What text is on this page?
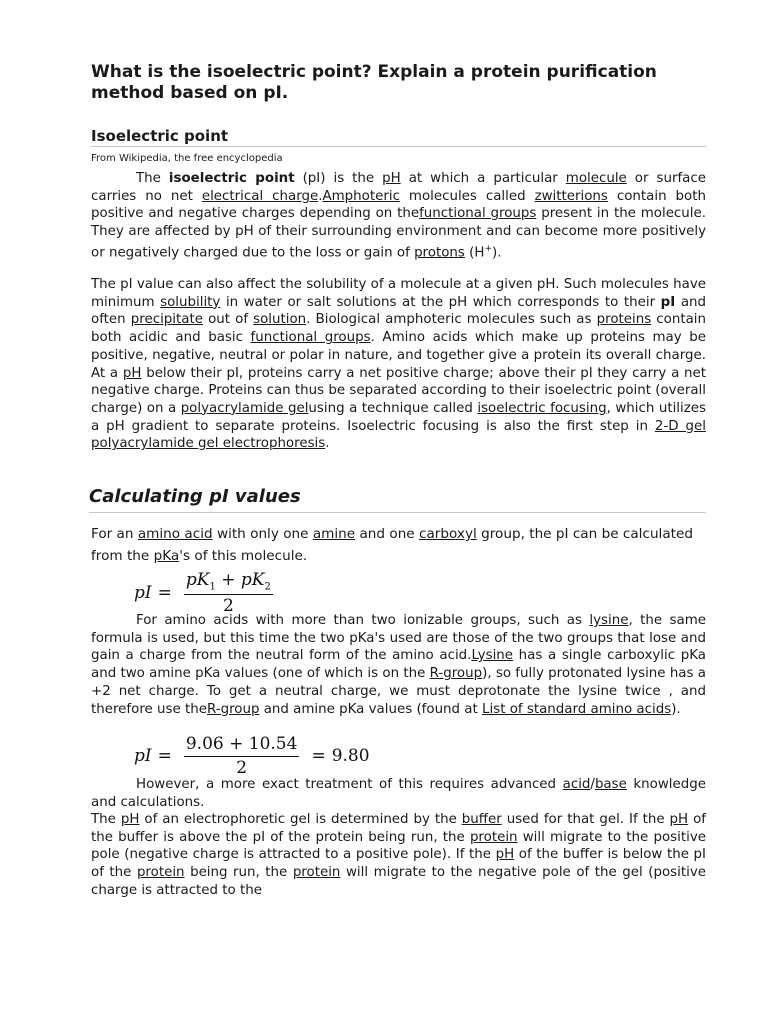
What is the isoelectric point? Explain a protein purification method based on pI.
Isoelectric point
From Wikipedia, the free encyclopedia

The isoelectric point (pI) is the pH at which a particular molecule or surface carries no net electrical charge.Amphoteric molecules called zwitterions contain both positive and negative charges depending on thefunctional groups present in the molecule. They are affected by pH of their surrounding environment and can become more positively or negatively charged due to the loss or gain of protons (H+).

The pI value can also affect the solubility of a molecule at a given pH. Such molecules have minimum solubility in water or salt solutions at the pH which corresponds to their pI and often precipitate out of solution. Biological amphoteric molecules such as proteins contain both acidic and basic functional groups. Amino acids which make up proteins may be positive, negative, neutral or polar in nature, and together give a protein its overall charge. At a pH below their pI, proteins carry a net positive charge; above their pI they carry a net negative charge. Proteins can thus be separated according to their isoelectric point (overall charge) on a polyacrylamide gelusing a technique called isoelectric focusing, which utilizes a pH gradient to separate proteins. Isoelectric focusing is also the first step in 2-D gel polyacrylamide gel electrophoresis.

Calculating pI values

For an amino acid with only one amine and one carboxyl group, the pI can be calculated from the pKa's of this molecule.

pI = $\frac{pK_1 + pK_2}{2}$

For amino acids with more than two ionizable groups, such as lysine, the same formula is used, but this time the two pKa's used are those of the two groups that lose and gain a charge from the neutral form of the amino acid.Lysine has a single carboxylic pKa and two amine pKa values (one of which is on the R-group), so fully protonated lysine has a +2 net charge. To get a neutral charge, we must deprotonate the lysine twice , and therefore use theR-group and amine pKa values (found at List of standard amino acids).

pI = $\frac{9.06 + 10.54}{2} = 9.80$

However, a more exact treatment of this requires advanced acid/base knowledge and calculations.

The pH of an electrophoretic gel is determined by the buffer used for that gel. If the pH of the buffer is above the pI of the protein being run, the protein will migrate to the positive pole (negative charge is attracted to a positive pole). If the pH of the buffer is below the pI of the protein being run, the protein will migrate to the negative pole of the gel (positive charge is attracted to the
